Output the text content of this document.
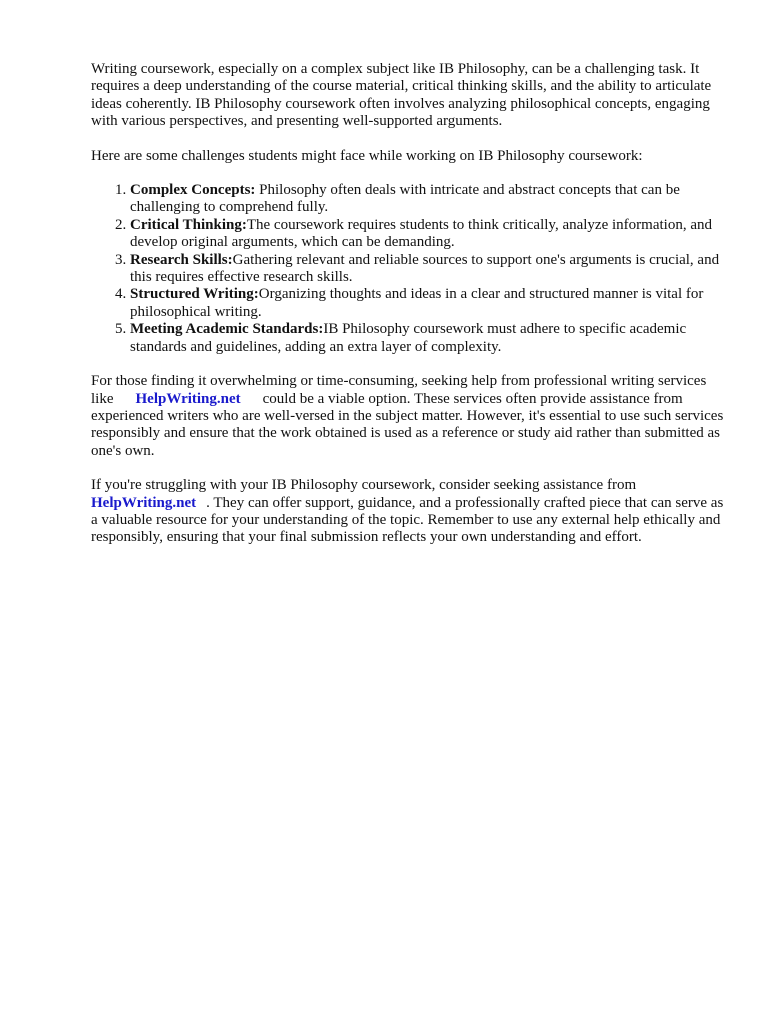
Writing coursework, especially on a complex subject like IB Philosophy, can be a challenging task. It requires a deep understanding of the course material, critical thinking skills, and the ability to articulate ideas coherently. IB Philosophy coursework often involves analyzing philosophical concepts, engaging with various perspectives, and presenting well-supported arguments.

Here are some challenges students might face while working on IB Philosophy coursework:

1. Complex Concepts: Philosophy often deals with intricate and abstract concepts that can be challenging to comprehend fully.
2. Critical Thinking:The coursework requires students to think critically, analyze information, and develop original arguments, which can be demanding.
3. Research Skills:Gathering relevant and reliable sources to support one's arguments is crucial, and this requires effective research skills.
4. Structured Writing:Organizing thoughts and ideas in a clear and structured manner is vital for philosophical writing.
5. Meeting Academic Standards:IB Philosophy coursework must adhere to specific academic standards and guidelines, adding an extra layer of complexity.

For those finding it overwhelming or time-consuming, seeking help from professional writing services like HelpWriting.net could be a viable option. These services often provide assistance from experienced writers who are well-versed in the subject matter. However, it's essential to use such services responsibly and ensure that the work obtained is used as a reference or study aid rather than submitted as one's own.

If you're struggling with your IB Philosophy coursework, consider seeking assistance from HelpWriting.net . They can offer support, guidance, and a professionally crafted piece that can serve as a valuable resource for your understanding of the topic. Remember to use any external help ethically and responsibly, ensuring that your final submission reflects your own understanding and effort.
